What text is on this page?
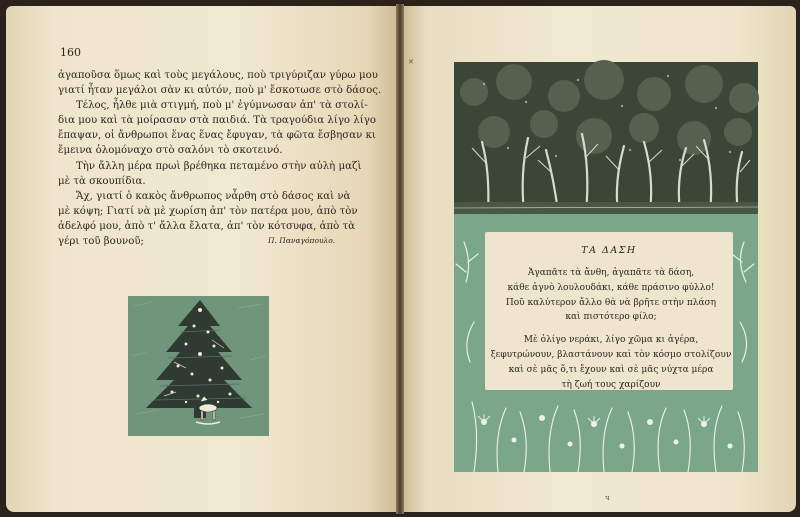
160
ἀγαποῦσα ὅμως καὶ τοὺς μεγάλους, ποὺ τριγύριζαν γύρω μου
γιατί ἦταν μεγάλοι σὰν κι αὐτόν, ποὺ μ' ἔσκοτωσε στὸ δάσος.
Τέλος, ἦλθε μιὰ στιγμή, ποὺ μ' ἐγύμνωσαν ἀπ' τὰ στολί-
δια μου καὶ τὰ μοίρασαν στὰ παιδιά. Τὰ τραγούδια λίγο λίγο
ἔπαψαν, οἱ ἄνθρωποι ἕνας ἕνας ἔφυγαν, τὰ φῶτα ἔσβησαν κι
ἔμεινα ὁλομόναχο στὸ σαλόνι τὸ σκοτεινό.
Τὴν ἄλλη μέρα πρωὶ βρέθηκα πεταμένο στὴν αὐλὴ μαζὶ
μὲ τὰ σκουπίδια.
Ἄχ, γιατί ὁ κακὸς ἄνθρωπος νἆρθη στὸ δάσος καὶ νὰ
μὲ κόψη; Γιατί νὰ μὲ χωρίση ἀπ' τὸν πατέρα μου, ἀπὸ τὸν
ἀδελφό μου, ἀπὸ τ' ἄλλα ἔλατα, ἀπ' τὸν κότσυφα, ἀπὸ τὰ
γέρι τοῦ βουνοῦ;	Π. Παναγόπουλο.
✕
ΤΑ ΔΑΣΗ
Ἀγαπᾶτε τὰ ἄνθη, ἀγαπᾶτε τὰ δάση,
κάθε ἀγνὸ λουλουδάκι, κάθε πράσινο φύλλο!
Ποῦ καλύτερον ἄλλο θὰ νὰ βρῆτε στὴν πλάση
καὶ πιστότερο φίλο;
Μὲ ὀλίγο νεράκι, λίγο χῶμα κι ἀγέρα,
ξεφυτρώνουν, βλαστάνουν καὶ τὸν κόσμο στολίζουν
καὶ σὲ μᾶς ὅ,τι ἔχουν καὶ σὲ μᾶς νύχτα μέρα
τὴ ζωή τους χαρίζουν
ч
